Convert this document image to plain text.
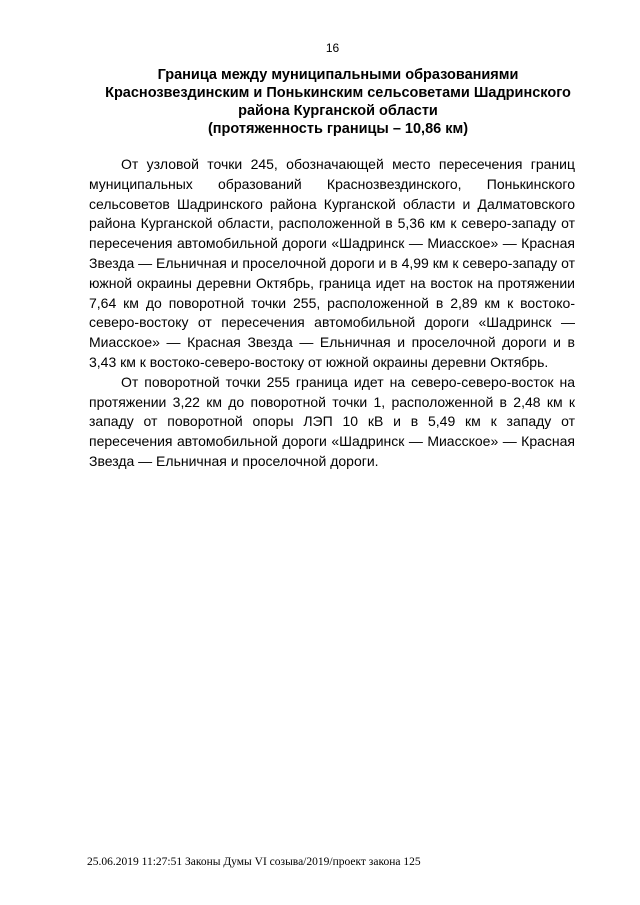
16
Граница между муниципальными образованиями
Краснозвездинским и Понькинским сельсоветами Шадринского
района Курганской области
(протяженность границы – 10,86 км)

От узловой точки 245, обозначающей место пересечения границ муниципальных образований Краснозвездинского, Понькинского сельсоветов Шадринского района Курганской области и Далматовского района Курганской области, расположенной в 5,36 км к северо-западу от пересечения автомобильной дороги «Шадринск — Миасское» — Красная Звезда — Ельничная и проселочной дороги и в 4,99 км к северо-западу от южной окраины деревни Октябрь, граница идет на восток на протяжении 7,64 км до поворотной точки 255, расположенной в 2,89 км к востоко-северо-востоку от пересечения автомобильной дороги «Шадринск — Миасское» — Красная Звезда — Ельничная и проселочной дороги и в 3,43 км к востоко-северо-востоку от южной окраины деревни Октябрь.

От поворотной точки 255 граница идет на северо-северо-восток на протяжении 3,22 км до поворотной точки 1, расположенной в 2,48 км к западу от поворотной опоры ЛЭП 10 кВ и в 5,49 км к западу от пересечения автомобильной дороги «Шадринск — Миасское» — Красная Звезда — Ельничная и проселочной дороги.

25.06.2019 11:27:51 Законы Думы VI созыва/2019/проект закона 125
